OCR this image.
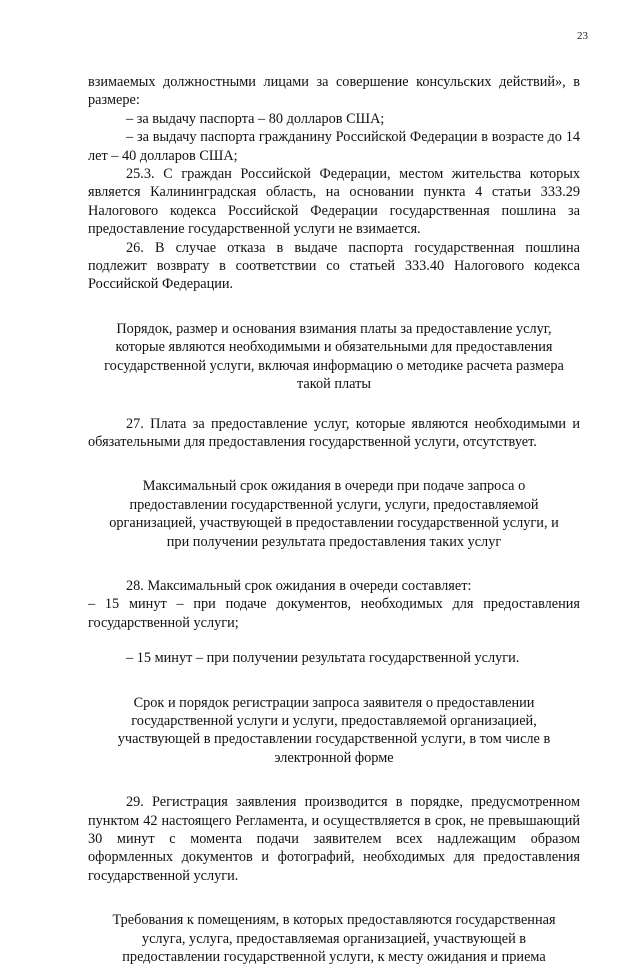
23

взимаемых должностными лицами за совершение консульских действий», в размере:

– за выдачу паспорта – 80 долларов США;

– за выдачу паспорта гражданину Российской Федерации в возрасте до 14 лет – 40 долларов США;

25.3. С граждан Российской Федерации, местом жительства которых является Калининградская область, на основании пункта 4 статьи 333.29 Налогового кодекса Российской Федерации государственная пошлина за предоставление государственной услуги не взимается.

26. В случае отказа в выдаче паспорта государственная пошлина подлежит возврату в соответствии со статьей 333.40 Налогового кодекса Российской Федерации.

Порядок, размер и основания взимания платы за предоставление услуг, которые являются необходимыми и обязательными для предоставления государственной услуги, включая информацию о методике расчета размера такой платы

27. Плата за предоставление услуг, которые являются необходимыми и обязательными для предоставления государственной услуги, отсутствует.

Максимальный срок ожидания в очереди при подаче запроса о предоставлении государственной услуги, услуги, предоставляемой организацией, участвующей в предоставлении государственной услуги, и при получении результата предоставления таких услуг

28. Максимальный срок ожидания в очереди составляет:

– 15 минут – при подаче документов, необходимых для предоставления государственной услуги;

– 15 минут – при получении результата государственной услуги.

Срок и порядок регистрации запроса заявителя о предоставлении государственной услуги и услуги, предоставляемой организацией, участвующей в предоставлении государственной услуги, в том числе в электронной форме

29. Регистрация заявления производится в порядке, предусмотренном пунктом 42 настоящего Регламента, и осуществляется в срок, не превышающий 30 минут с момента подачи заявителем всех надлежащим образом оформленных документов и фотографий, необходимых для предоставления государственной услуги.

Требования к помещениям, в которых предоставляются государственная услуга, услуга, предоставляемая организацией, участвующей в предоставлении государственной услуги, к месту ожидания и приема
